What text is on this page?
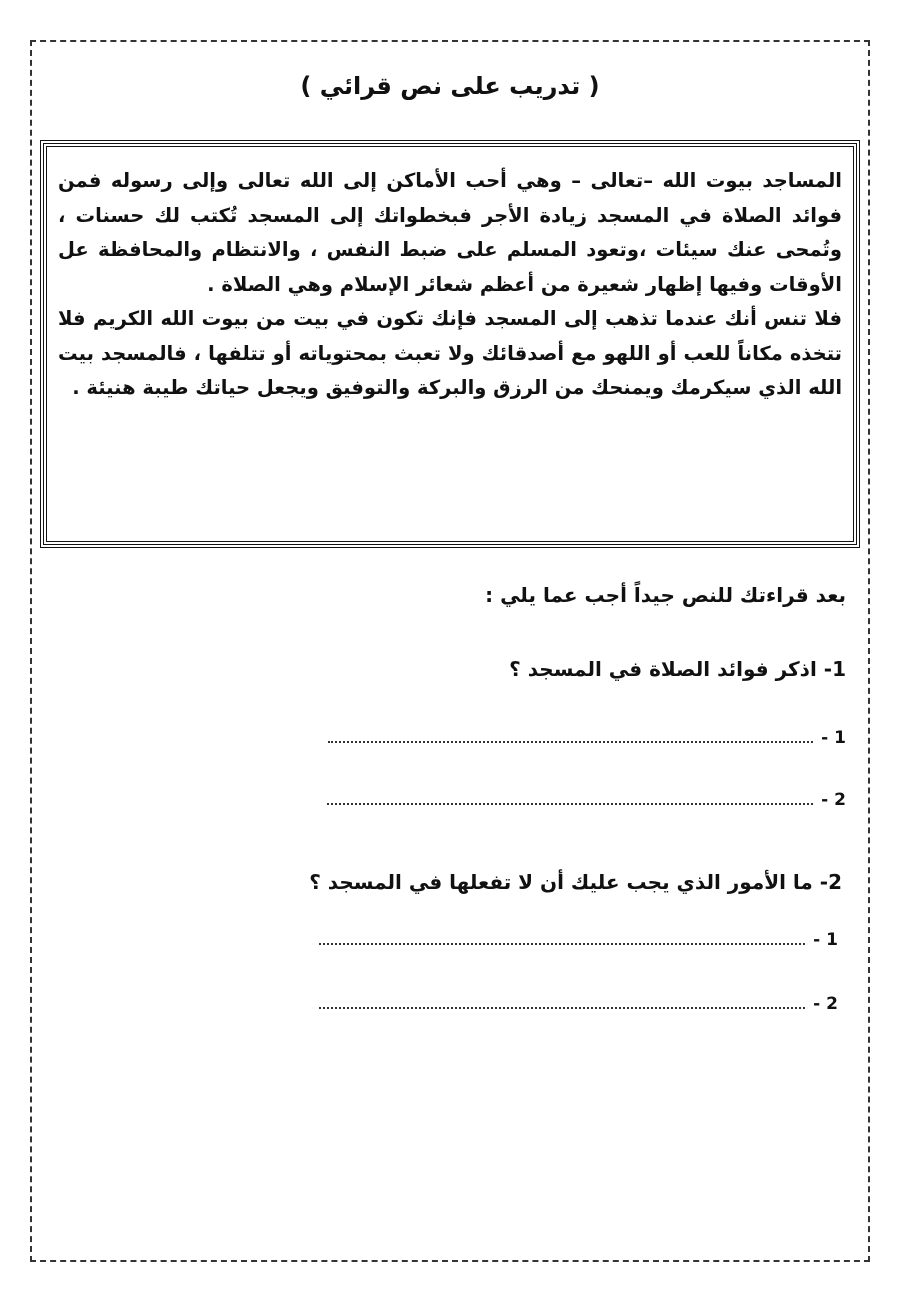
( تدريب على نص قرائي )

المساجد بيوت الله –تعالى – وهي أحب الأماكن إلى الله تعالى وإلى رسوله فمن فوائد الصلاة في المسجد زيادة الأجر فبخطواتك إلى المسجد تُكتب لك حسنات ، وتُمحى عنك سيئات ،وتعود المسلم على ضبط النفس ، والانتظام والمحافظة عل الأوقات وفيها إظهار شعيرة من أعظم شعائر الإسلام وهي الصلاة .

فلا تنس أنك عندما تذهب إلى المسجد فإنك تكون في بيت من بيوت الله الكريم فلا تتخذه مكاناً للعب أو اللهو مع أصدقائك ولا تعبث بمحتوياته أو تتلفها ، فالمسجد بيت الله الذي سيكرمك ويمنحك من الرزق والبركة والتوفيق ويجعل حياتك طيبة هنيئة .

بعد قراءتك للنص جيداً أجب عما يلي :
1- اذكر فوائد الصلاة في المسجد ؟
1 -
2 -
2- ما الأمور الذي يجب عليك أن لا تفعلها في المسجد ؟
1 -
2 -
